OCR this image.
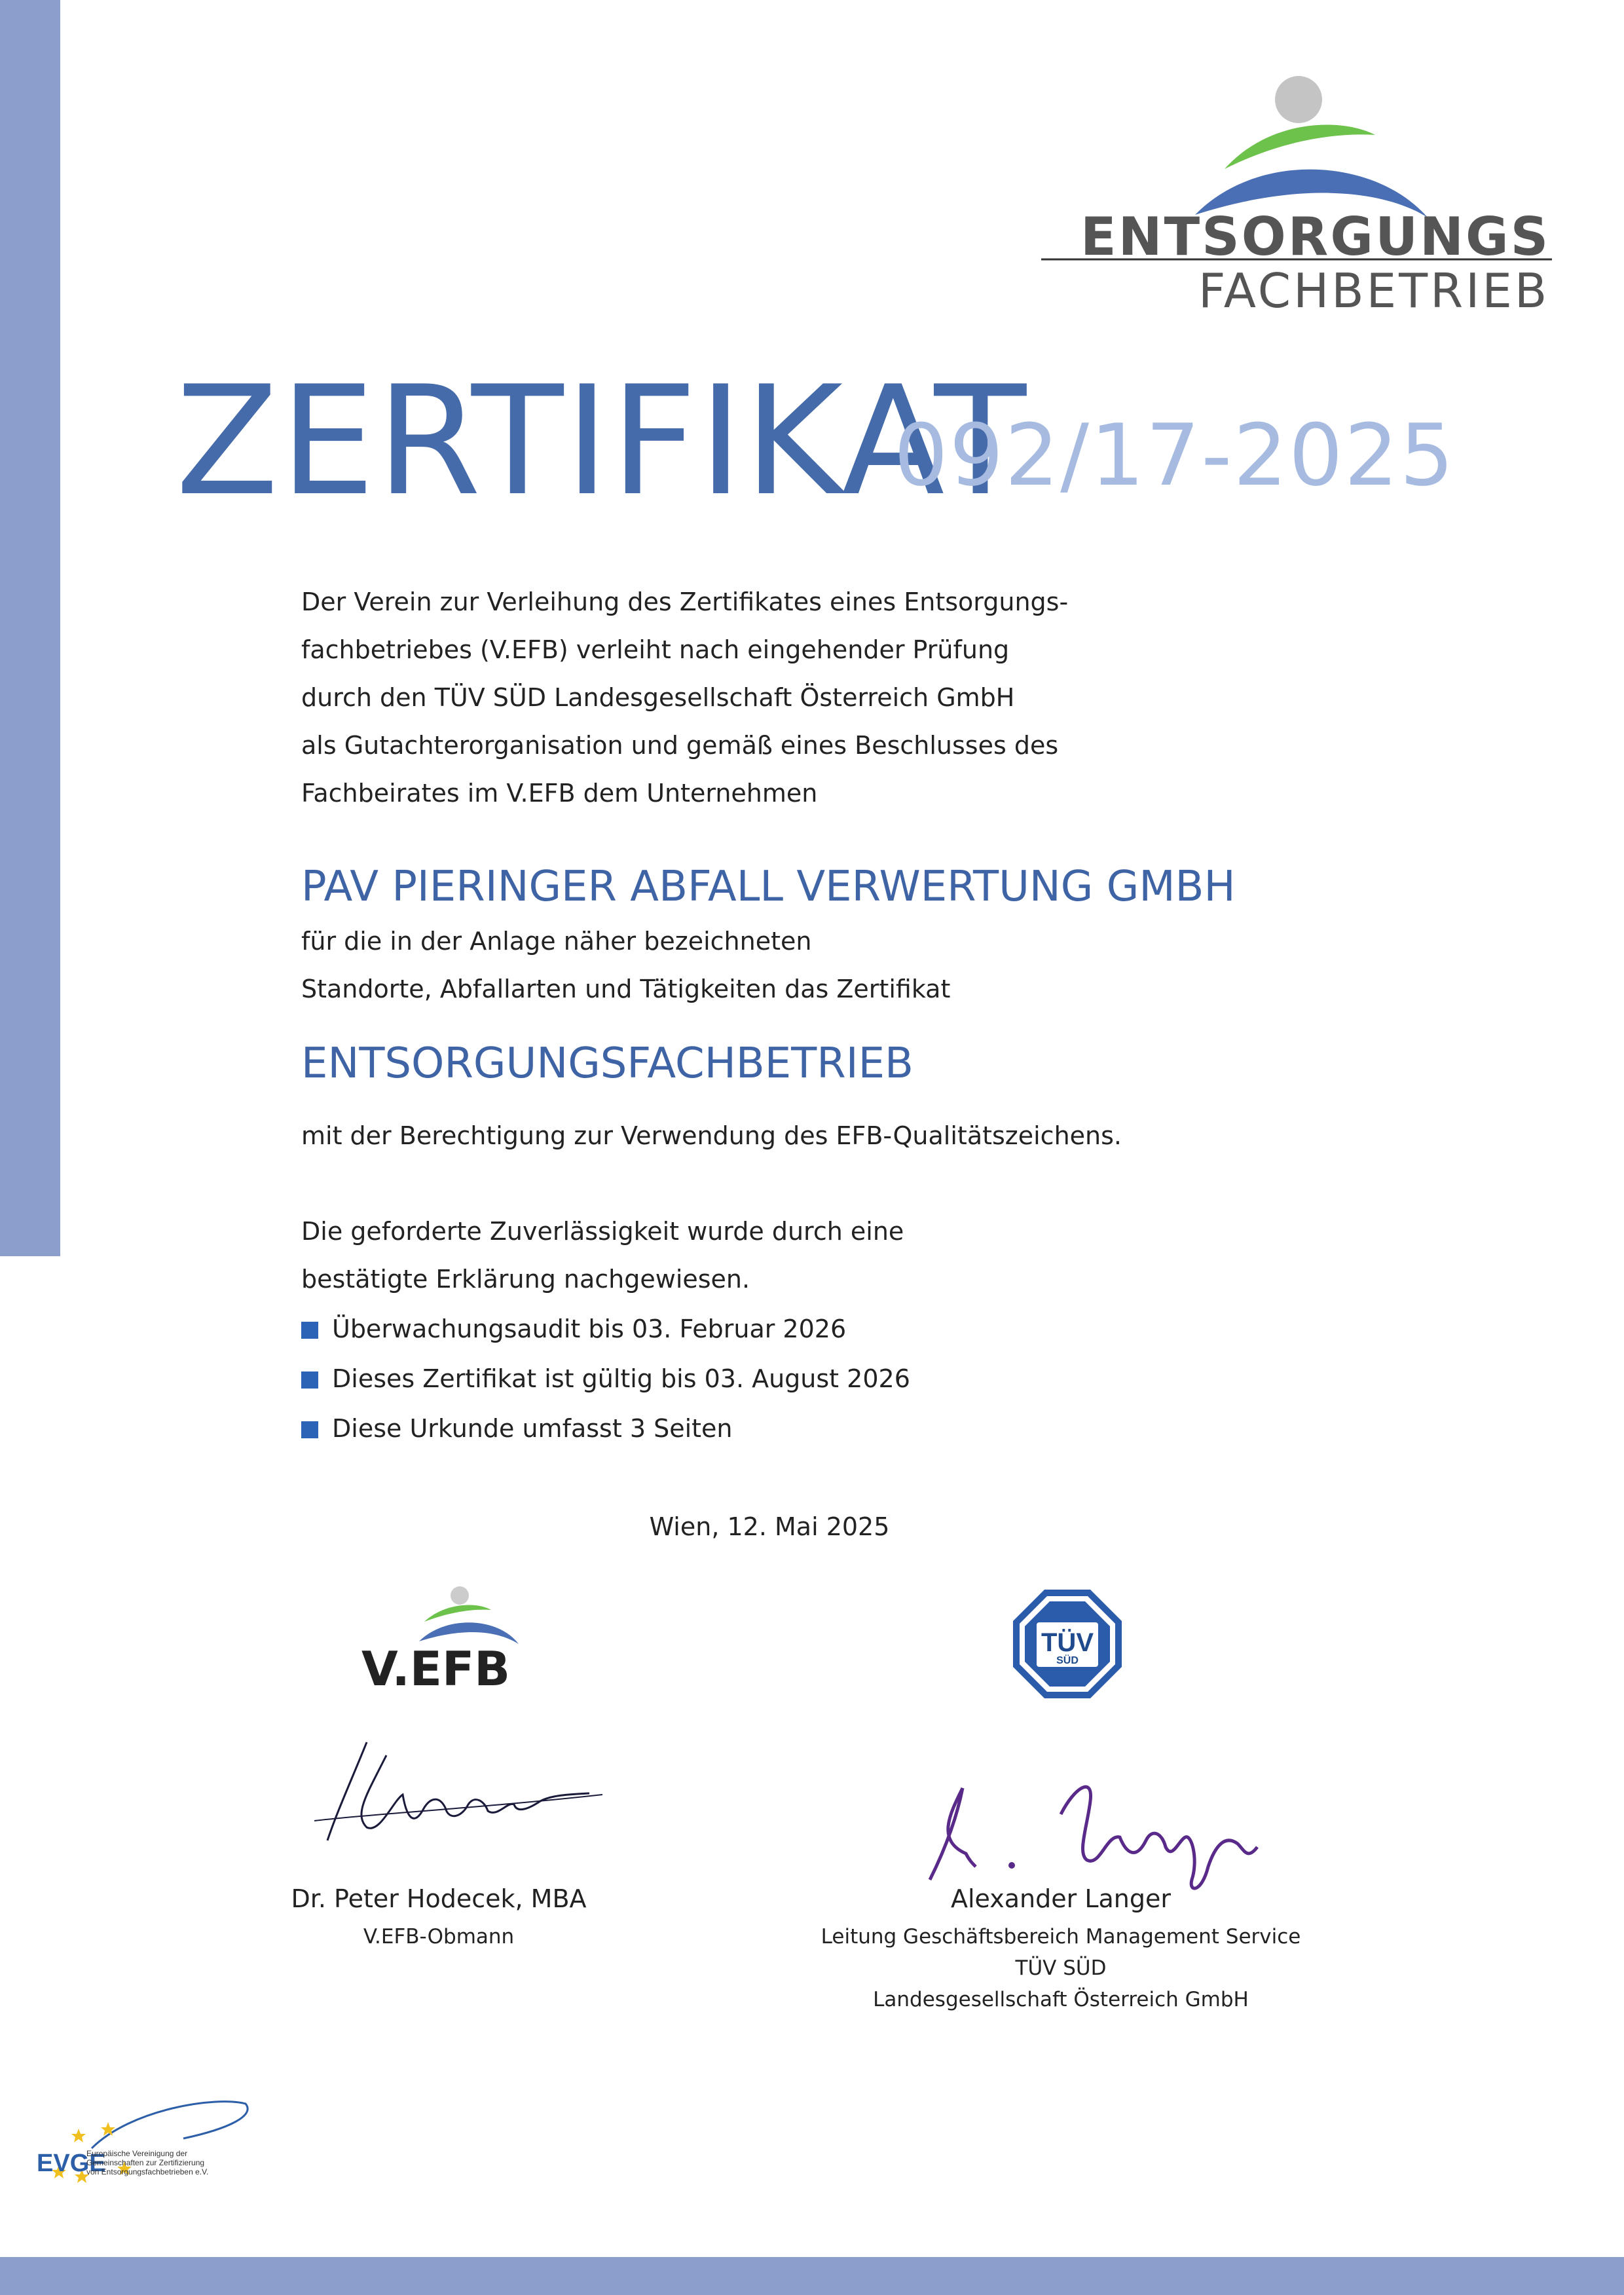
ENTSORGUNGS
FACHBETRIEB
ZERTIFIKAT
092/17-2025
Der Verein zur Verleihung des Zertifikates eines Entsorgungs-
fachbetriebes (V.EFB) verleiht nach eingehender Prüfung
durch den TÜV SÜD Landesgesellschaft Österreich GmbH
als Gutachterorganisation und gemäß eines Beschlusses des
Fachbeirates im V.EFB dem Unternehmen
PAV PIERINGER ABFALL VERWERTUNG GMBH
für die in der Anlage näher bezeichneten
Standorte, Abfallarten und Tätigkeiten das Zertifikat
ENTSORGUNGSFACHBETRIEB
mit der Berechtigung zur Verwendung des EFB-Qualitätszeichens.
Die geforderte Zuverlässigkeit wurde durch eine
bestätigte Erklärung nachgewiesen.
Überwachungsaudit bis 03. Februar 2026
Dieses Zertifikat ist gültig bis 03. August 2026
Diese Urkunde umfasst 3 Seiten
Wien, 12. Mai 2025
V.EFB	TÜV
SÜD
Dr. Peter Hodecek, MBA
V.EFB-Obmann
Alexander Langer
Leitung Geschäftsbereich Management Service
TÜV SÜD
Landesgesellschaft Österreich GmbH
EVGE
Europäische Vereinigung der
Gemeinschaften zur Zertifizierung
von Entsorgungsfachbetrieben e.V.
